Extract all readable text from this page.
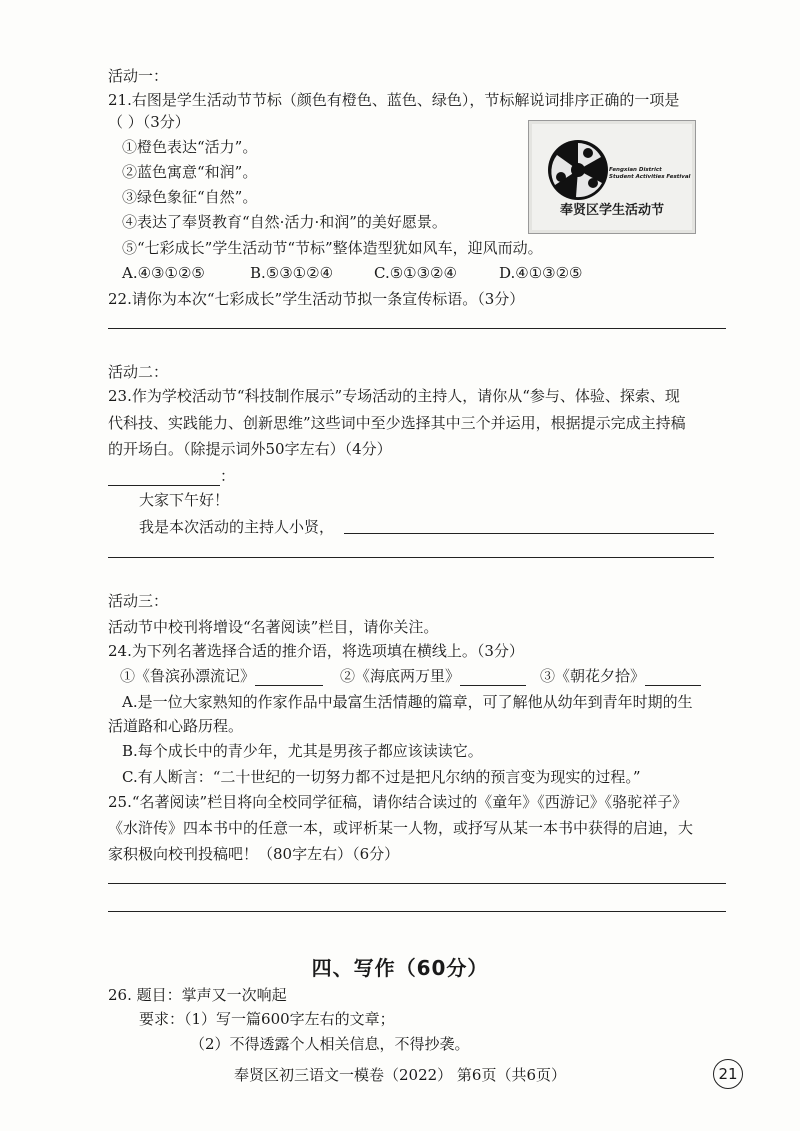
活动一：
21.右图是学生活动节节标（颜色有橙色、蓝色、绿色），节标解说词排序正确的一项是
（ ）（3分）
①橙色表达“活力”。
②蓝色寓意“和润”。
③绿色象征“自然”。
④表达了奉贤教育“自然·活力·和润”的美好愿景。
⑤“七彩成长”学生活动节“节标”整体造型犹如风车，迎风而动。
A.④③①②⑤	B.⑤③①②④	C.⑤①③②④	D.④①③②⑤
Fengxian District
Student Activities Festival
奉贤区学生活动节
22.请你为本次“七彩成长”学生活动节拟一条宣传标语。（3分）
活动二：
23.作为学校活动节“科技制作展示”专场活动的主持人，请你从“参与、体验、探索、现
代科技、实践能力、创新思维”这些词中至少选择其中三个并运用，根据提示完成主持稿
的开场白。（除提示词外50字左右）（4分）
：
大家下午好！
我是本次活动的主持人小贤，
活动三：
活动节中校刊将增设“名著阅读”栏目，请你关注。
24.为下列名著选择合适的推介语，将选项填在横线上。（3分）
①《鲁滨孙漂流记》	②《海底两万里》	③《朝花夕拾》
A.是一位大家熟知的作家作品中最富生活情趣的篇章，可了解他从幼年到青年时期的生
活道路和心路历程。
B.每个成长中的青少年，尤其是男孩子都应该读读它。
C.有人断言：“二十世纪的一切努力都不过是把凡尔纳的预言变为现实的过程。”
25.“名著阅读”栏目将向全校同学征稿，请你结合读过的《童年》《西游记》《骆驼祥子》
《水浒传》四本书中的任意一本，或评析某一人物，或抒写从某一本书中获得的启迪，大
家积极向校刊投稿吧！（80字左右）（6分）
四、写作（60分）
26. 题目：掌声又一次响起
要求：（1）写一篇600字左右的文章；
（2）不得透露个人相关信息，不得抄袭。
奉贤区初三语文一模卷（2022） 第6页（共6页）	21
